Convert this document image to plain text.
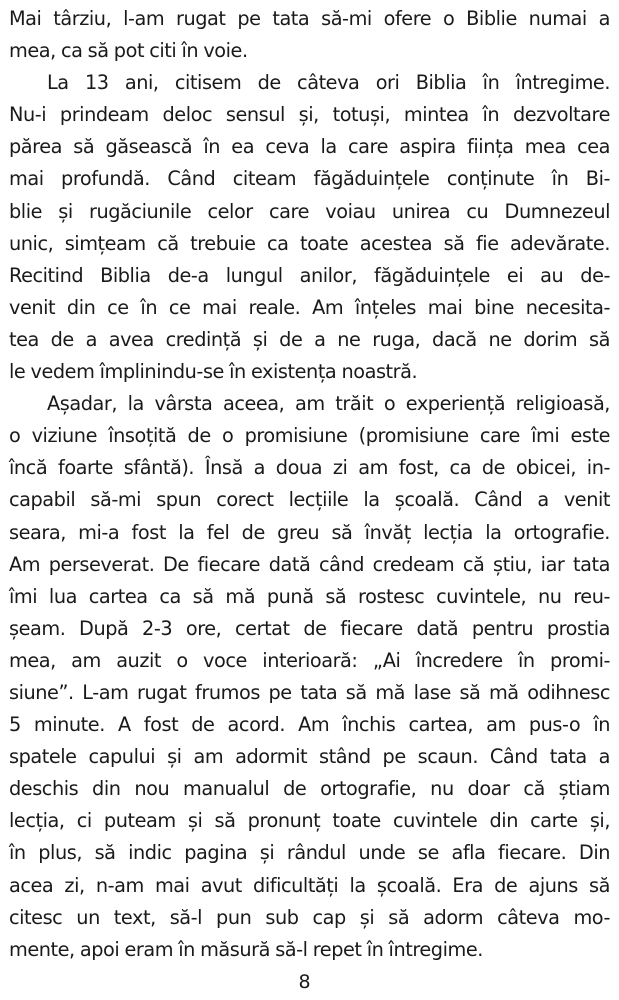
Mai târziu, l-am rugat pe tata să-mi ofere o Biblie numai a
mea, ca să pot citi în voie.
La 13 ani, citisem de câteva ori Biblia în întregime.
Nu-i prindeam deloc sensul și, totuși, mintea în dezvoltare
părea să găsească în ea ceva la care aspira ființa mea cea
mai profundă. Când citeam făgăduințele conținute în Bi-
blie și rugăciunile celor care voiau unirea cu Dumnezeul
unic, simțeam că trebuie ca toate acestea să fie adevărate.
Recitind Biblia de-a lungul anilor, făgăduințele ei au de-
venit din ce în ce mai reale. Am înțeles mai bine necesita-
tea de a avea credință și de a ne ruga, dacă ne dorim să
le vedem împlinindu-se în existența noastră.
Așadar, la vârsta aceea, am trăit o experiență religioasă,
o viziune însoțită de o promisiune (promisiune care îmi este
încă foarte sfântă). Însă a doua zi am fost, ca de obicei, in-
capabil să-mi spun corect lecțiile la școală. Când a venit
seara, mi-a fost la fel de greu să învăț lecția la ortografie.
Am perseverat. De fiecare dată când credeam că știu, iar tata
îmi lua cartea ca să mă pună să rostesc cuvintele, nu reu-
șeam. După 2-3 ore, certat de fiecare dată pentru prostia
mea, am auzit o voce interioară: „Ai încredere în promi-
siune”. L-am rugat frumos pe tata să mă lase să mă odihnesc
5 minute. A fost de acord. Am închis cartea, am pus-o în
spatele capului și am adormit stând pe scaun. Când tata a
deschis din nou manualul de ortografie, nu doar că știam
lecția, ci puteam și să pronunț toate cuvintele din carte și,
în plus, să indic pagina și rândul unde se afla fiecare. Din
acea zi, n-am mai avut dificultăți la școală. Era de ajuns să
citesc un text, să-l pun sub cap și să adorm câteva mo-
mente, apoi eram în măsură să-l repet în întregime.
8
